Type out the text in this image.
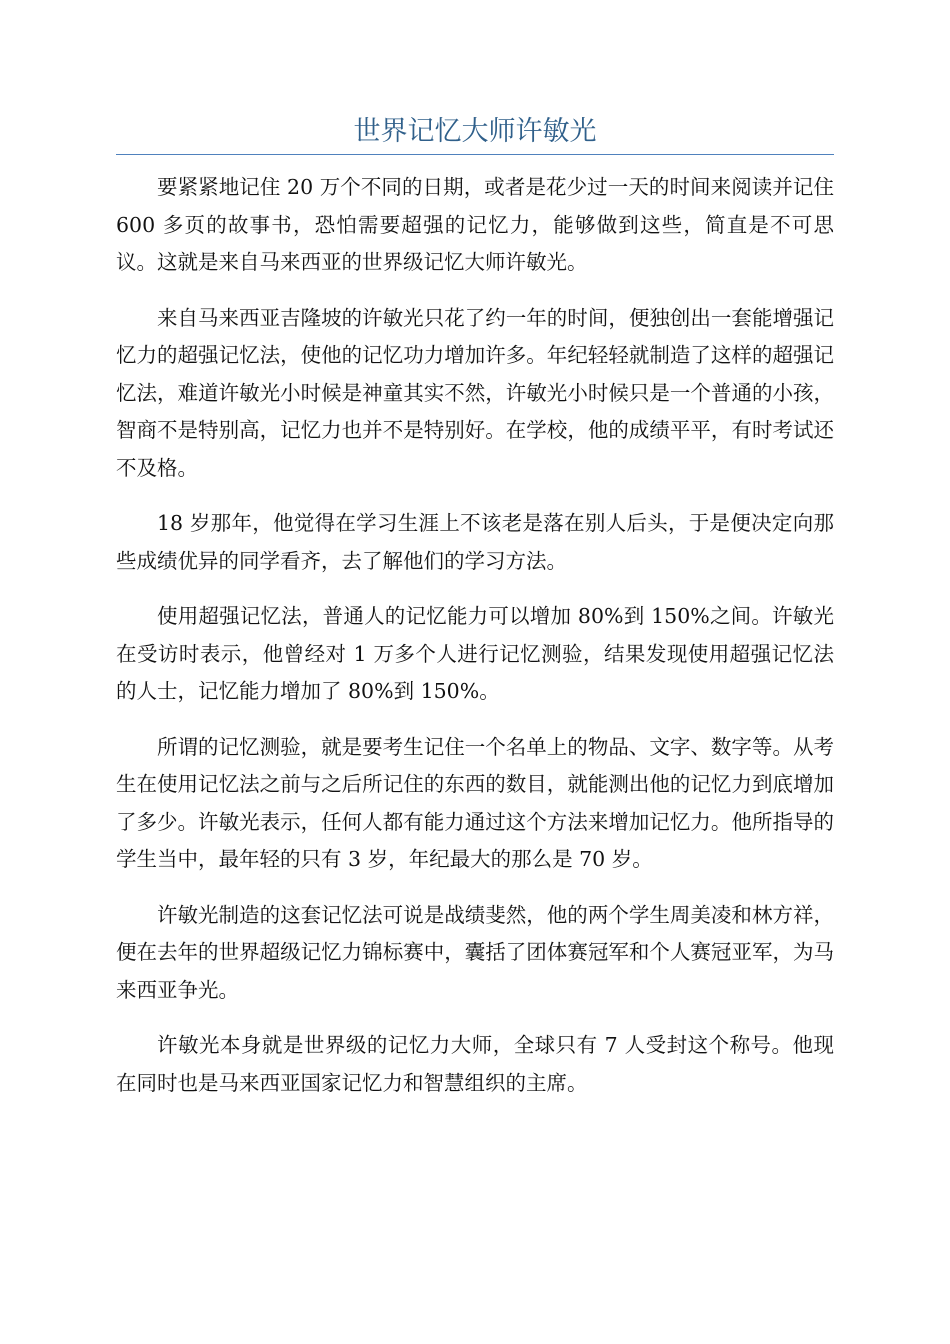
世界记忆大师许敏光

要紧紧地记住 20 万个不同的日期，或者是花少过一天的时间来阅读并记住 600 多页的故事书，恐怕需要超强的记忆力，能够做到这些，简直是不可思议。这就是来自马来西亚的世界级记忆大师许敏光。

来自马来西亚吉隆坡的许敏光只花了约一年的时间，便独创出一套能增强记忆力的超强记忆法，使他的记忆功力增加许多。年纪轻轻就制造了这样的超强记忆法，难道许敏光小时候是神童其实不然，许敏光小时候只是一个普通的小孩，智商不是特别高，记忆力也并不是特别好。在学校，他的成绩平平，有时考试还不及格。

18 岁那年，他觉得在学习生涯上不该老是落在别人后头，于是便决定向那些成绩优异的同学看齐，去了解他们的学习方法。

使用超强记忆法，普通人的记忆能力可以增加 80%到 150%之间。许敏光在受访时表示，他曾经对 1 万多个人进行记忆测验，结果发现使用超强记忆法的人士，记忆能力增加了 80%到 150%。

所谓的记忆测验，就是要考生记住一个名单上的物品、文字、数字等。从考生在使用记忆法之前与之后所记住的东西的数目，就能测出他的记忆力到底增加了多少。许敏光表示，任何人都有能力通过这个方法来增加记忆力。他所指导的学生当中，最年轻的只有 3 岁，年纪最大的那么是 70 岁。

许敏光制造的这套记忆法可说是战绩斐然，他的两个学生周美凌和林方祥，便在去年的世界超级记忆力锦标赛中，囊括了团体赛冠军和个人赛冠亚军，为马来西亚争光。

许敏光本身就是世界级的记忆力大师，全球只有 7 人受封这个称号。他现在同时也是马来西亚国家记忆力和智慧组织的主席。
